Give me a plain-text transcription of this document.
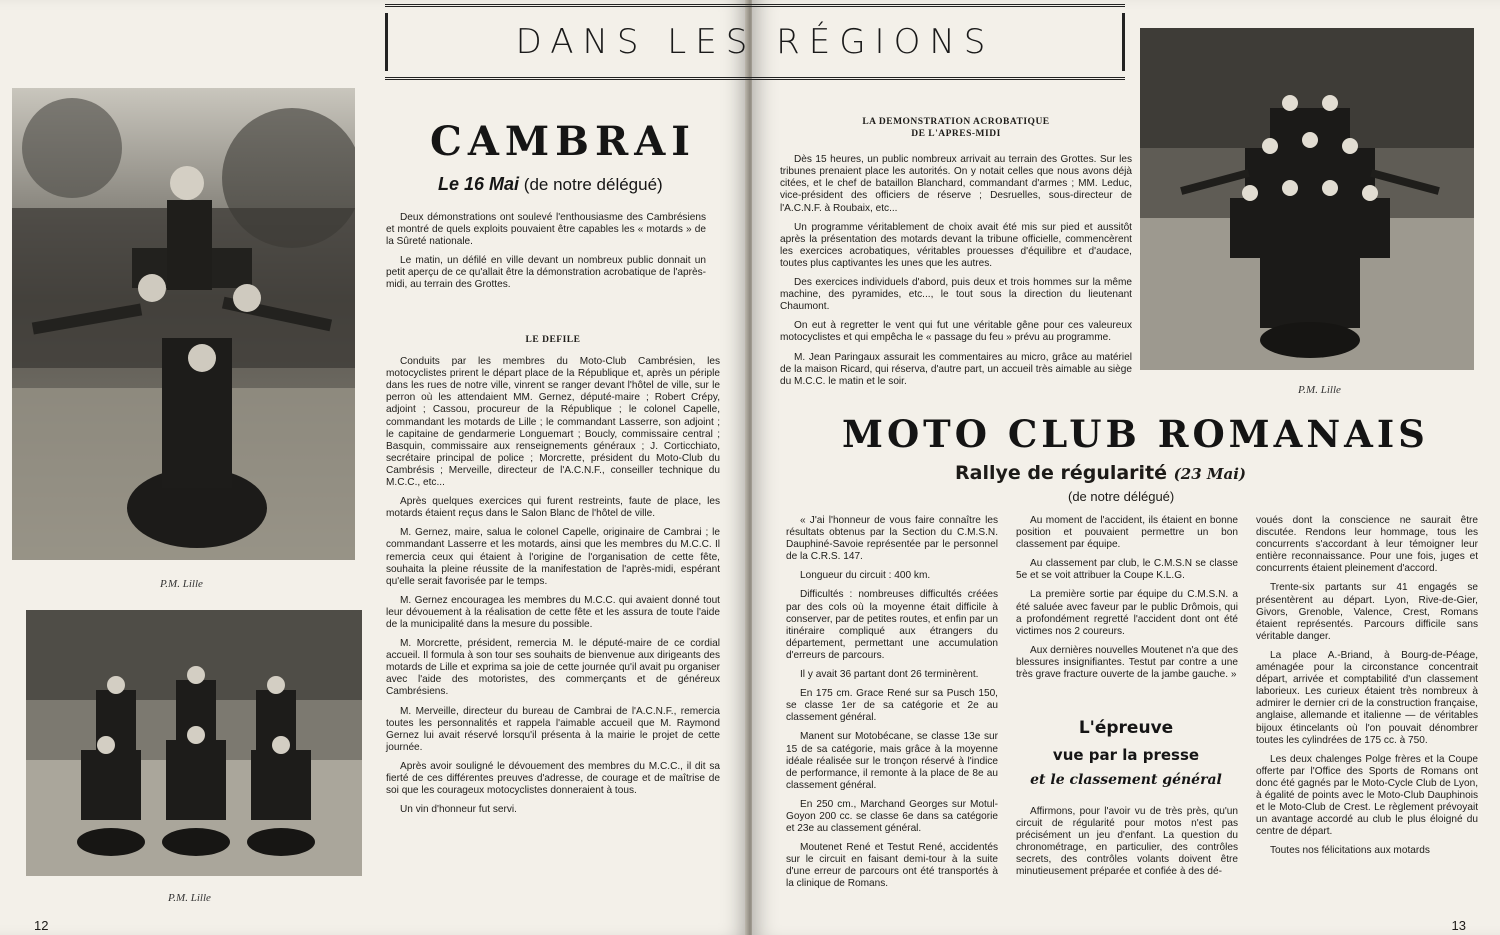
P.M. Lille
P.M. Lille
CAMBRAI
Le 16 Mai (de notre délégué)

Deux démonstrations ont soulevé l'enthousiasme des Cambrésiens et montré de quels exploits pouvaient être capables les « motards » de la Sûreté nationale.

Le matin, un défilé en ville devant un nombreux public donnait un petit aperçu de ce qu'allait être la démonstration acrobatique de l'après-midi, au terrain des Grottes.

LE DEFILE

Conduits par les membres du Moto-Club Cambrésien, les motocyclistes prirent le départ place de la République et, après un périple dans les rues de notre ville, vinrent se ranger devant l'hôtel de ville, sur le perron où les attendaient MM. Gernez, député-maire ; Robert Crépy, adjoint ; Cassou, procureur de la République ; le colonel Capelle, commandant les motards de Lille ; le commandant Lasserre, son adjoint ; le capitaine de gendarmerie Longuemart ; Boucly, commissaire central ; Basquin, commissaire aux renseignements généraux ; J. Corticchiato, secrétaire principal de police ; Morcrette, président du Moto-Club du Cambrésis ; Merveille, directeur de l'A.C.N.F., conseiller technique du M.C.C., etc...

Après quelques exercices qui furent restreints, faute de place, les motards étaient reçus dans le Salon Blanc de l'hôtel de ville.

M. Gernez, maire, salua le colonel Capelle, originaire de Cambrai ; le commandant Lasserre et les motards, ainsi que les membres du M.C.C. Il remercia ceux qui étaient à l'origine de l'organisation de cette fête, souhaita la pleine réussite de la manifestation de l'après-midi, espérant qu'elle serait favorisée par le temps.

M. Gernez encouragea les membres du M.C.C. qui avaient donné tout leur dévouement à la réalisation de cette fête et les assura de toute l'aide de la municipalité dans la mesure du possible.

M. Morcrette, président, remercia M. le député-maire de ce cordial accueil. Il formula à son tour ses souhaits de bienvenue aux dirigeants des motards de Lille et exprima sa joie de cette journée qu'il avait pu organiser avec l'aide des motoristes, des commerçants et de généreux Cambrésiens.

M. Merveille, directeur du bureau de Cambrai de l'A.C.N.F., remercia toutes les personnalités et rappela l'aimable accueil que M. Raymond Gernez lui avait réservé lorsqu'il présenta à la mairie le projet de cette journée.

Après avoir souligné le dévouement des membres du M.C.C., il dit sa fierté de ces différentes preuves d'adresse, de courage et de maîtrise de soi que les courageux motocyclistes donneraient à tous.

Un vin d'honneur fut servi.

12
LA DEMONSTRATION ACROBATIQUE
DE L'APRES-MIDI

Dès 15 heures, un public nombreux arrivait au terrain des Grottes. Sur les tribunes prenaient place les autorités. On y notait celles que nous avons déjà citées, et le chef de bataillon Blanchard, commandant d'armes ; MM. Leduc, vice-président des officiers de réserve ; Desruelles, sous-directeur de l'A.C.N.F. à Roubaix, etc...

Un programme véritablement de choix avait été mis sur pied et aussitôt après la présentation des motards devant la tribune officielle, commencèrent les exercices acrobatiques, véritables prouesses d'équilibre et d'audace, toutes plus captivantes les unes que les autres.

Des exercices individuels d'abord, puis deux et trois hommes sur la même machine, des pyramides, etc..., le tout sous la direction du lieutenant Chaumont.

On eut à regretter le vent qui fut une véritable gêne pour ces valeureux motocyclistes et qui empêcha le « passage du feu » prévu au programme.

M. Jean Paringaux assurait les commentaires au micro, grâce au matériel de la maison Ricard, qui réserva, d'autre part, un accueil très aimable au siège du M.C.C. le matin et le soir.

P.M. Lille
MOTO CLUB ROMANAIS
Rallye de régularité (23 Mai)
(de notre délégué)

« J'ai l'honneur de vous faire connaître les résultats obtenus par la Section du C.M.S.N. Dauphiné-Savoie représentée par le personnel de la C.R.S. 147.

Longueur du circuit : 400 km.

Difficultés : nombreuses difficultés créées par des cols où la moyenne était difficile à conserver, par de petites routes, et enfin par un itinéraire compliqué aux étrangers du département, permettant une accumulation d'erreurs de parcours.

Il y avait 36 partant dont 26 terminèrent.

En 175 cm. Grace René sur sa Pusch 150, se classe 1er de sa catégorie et 2e au classement général.

Manent sur Motobécane, se classe 13e sur 15 de sa catégorie, mais grâce à la moyenne idéale réalisée sur le tronçon réservé à l'indice de performance, il remonte à la place de 8e au classement général.

En 250 cm., Marchand Georges sur Motul-Goyon 200 cc. se classe 6e dans sa catégorie et 23e au classement général.

Moutenet René et Testut René, accidentés sur le circuit en faisant demi-tour à la suite d'une erreur de parcours ont été transportés à la clinique de Romans.

Au moment de l'accident, ils étaient en bonne position et pouvaient permettre un bon classement par équipe.

Au classement par club, le C.M.S.N se classe 5e et se voit attribuer la Coupe K.L.G.

La première sortie par équipe du C.M.S.N. a été saluée avec faveur par le public Drômois, qui a profondément regretté l'accident dont ont été victimes nos 2 coureurs.

Aux dernières nouvelles Moutenet n'a que des blessures insignifiantes. Testut par contre a une très grave fracture ouverte de la jambe gauche. »

L'épreuve
vue par la presse
et le classement général

Affirmons, pour l'avoir vu de très près, qu'un circuit de régularité pour motos n'est pas précisément un jeu d'enfant. La question du chronométrage, en particulier, des contrôles secrets, des contrôles volants doivent être minutieusement préparée et confiée à des dé-

voués dont la conscience ne saurait être discutée. Rendons leur hommage, tous les concurrents s'accordant à leur témoigner leur entière reconnaissance. Pour une fois, juges et concurrents étaient pleinement d'accord.

Trente-six partants sur 41 engagés se présentèrent au départ. Lyon, Rive-de-Gier, Givors, Grenoble, Valence, Crest, Romans étaient représentés. Parcours difficile sans véritable danger.

La place A.-Briand, à Bourg-de-Péage, aménagée pour la circonstance concentrait départ, arrivée et comptabilité d'un classement laborieux. Les curieux étaient très nombreux à admirer le dernier cri de la construction française, anglaise, allemande et italienne — de véritables bijoux étincelants où l'on pouvait dénombrer toutes les cylindrées de 175 cc. à 750.

Les deux chalenges Polge frères et la Coupe offerte par l'Office des Sports de Romans ont donc été gagnés par le Moto-Cycle Club de Lyon, à égalité de points avec le Moto-Club Dauphinois et le Moto-Club de Crest. Le règlement prévoyait un avantage accordé au club le plus éloigné du centre de départ.

Toutes nos félicitations aux motards

13
DANS LES RÉGIONS
